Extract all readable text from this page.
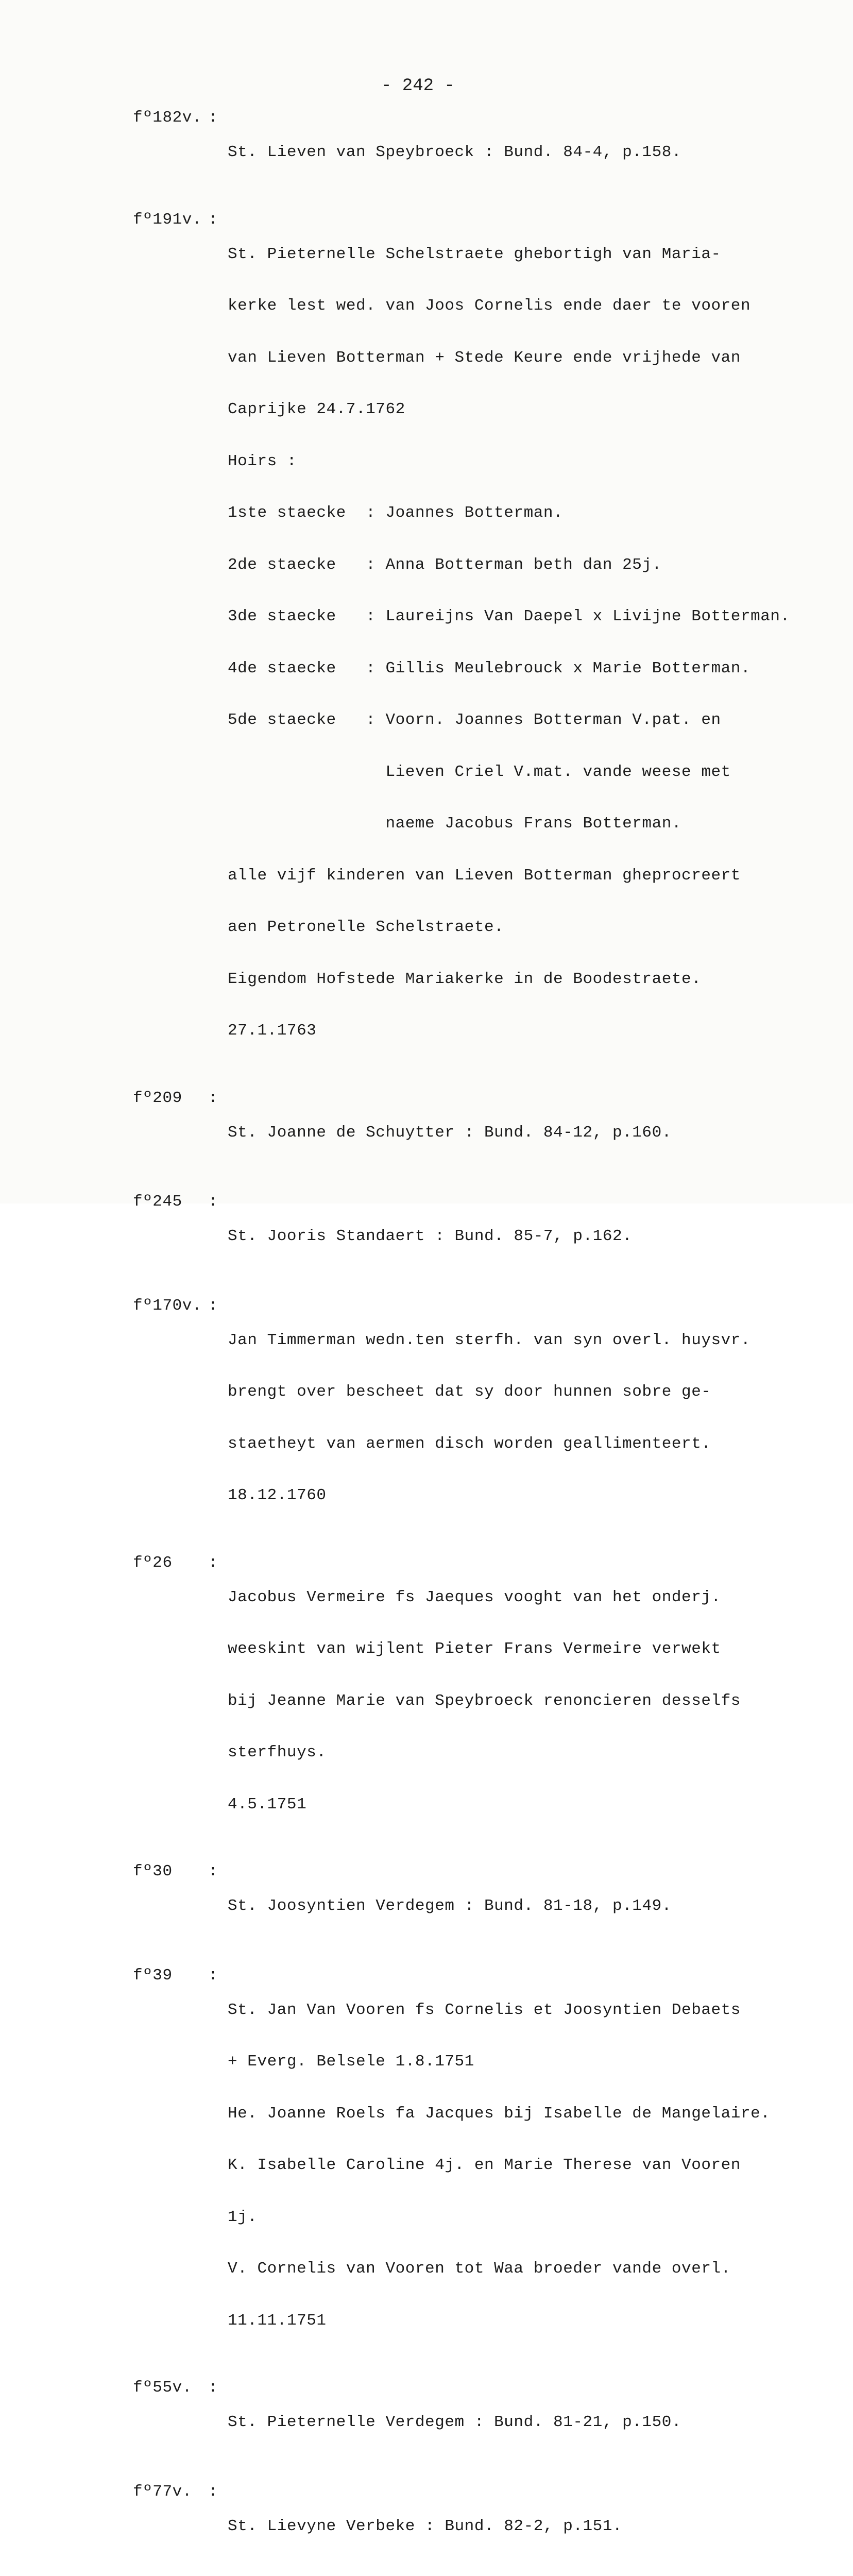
- 242 -
fº182v. :

St. Lieven van Speybroeck : Bund. 84-4, p.158.

fº191v. :

St. Pieternelle Schelstraete ghebortigh van Maria-

kerke lest wed. van Joos Cornelis ende daer te vooren

van Lieven Botterman + Stede Keure ende vrijhede van

Caprijke 24.7.1762

Hoirs :

1ste staecke  : Joannes Botterman.

2de staecke   : Anna Botterman beth dan 25j.

3de staecke   : Laureijns Van Daepel x Livijne Botterman.

4de staecke   : Gillis Meulebrouck x Marie Botterman.

5de staecke   : Voorn. Joannes Botterman V.pat. en

Lieven Criel V.mat. vande weese met

naeme Jacobus Frans Botterman.

alle vijf kinderen van Lieven Botterman gheprocreert

aen Petronelle Schelstraete.

Eigendom Hofstede Mariakerke in de Boodestraete.

27.1.1763

fº209	:

St. Joanne de Schuytter : Bund. 84-12, p.160.

fº245	:

St. Jooris Standaert : Bund. 85-7, p.162.

fº170v. :

Jan Timmerman wedn.ten sterfh. van syn overl. huysvr.

brengt over bescheet dat sy door hunnen sobre ge-

staetheyt van aermen disch worden geallimenteert.

18.12.1760

fº26	:

Jacobus Vermeire fs Jaeques vooght van het onderj.

weeskint van wijlent Pieter Frans Vermeire verwekt

bij Jeanne Marie van Speybroeck renoncieren desselfs

sterfhuys.

4.5.1751

fº30	:

St. Joosyntien Verdegem : Bund. 81-18, p.149.

fº39	:

St. Jan Van Vooren fs Cornelis et Joosyntien Debaets

+ Everg. Belsele 1.8.1751

He. Joanne Roels fa Jacques bij Isabelle de Mangelaire.

K. Isabelle Caroline 4j. en Marie Therese van Vooren

1j.

V. Cornelis van Vooren tot Waa broeder vande overl.

11.11.1751

fº55v.	:

St. Pieternelle Verdegem : Bund. 81-21, p.150.

fº77v.	:

St. Lievyne Verbeke : Bund. 82-2, p.151.
